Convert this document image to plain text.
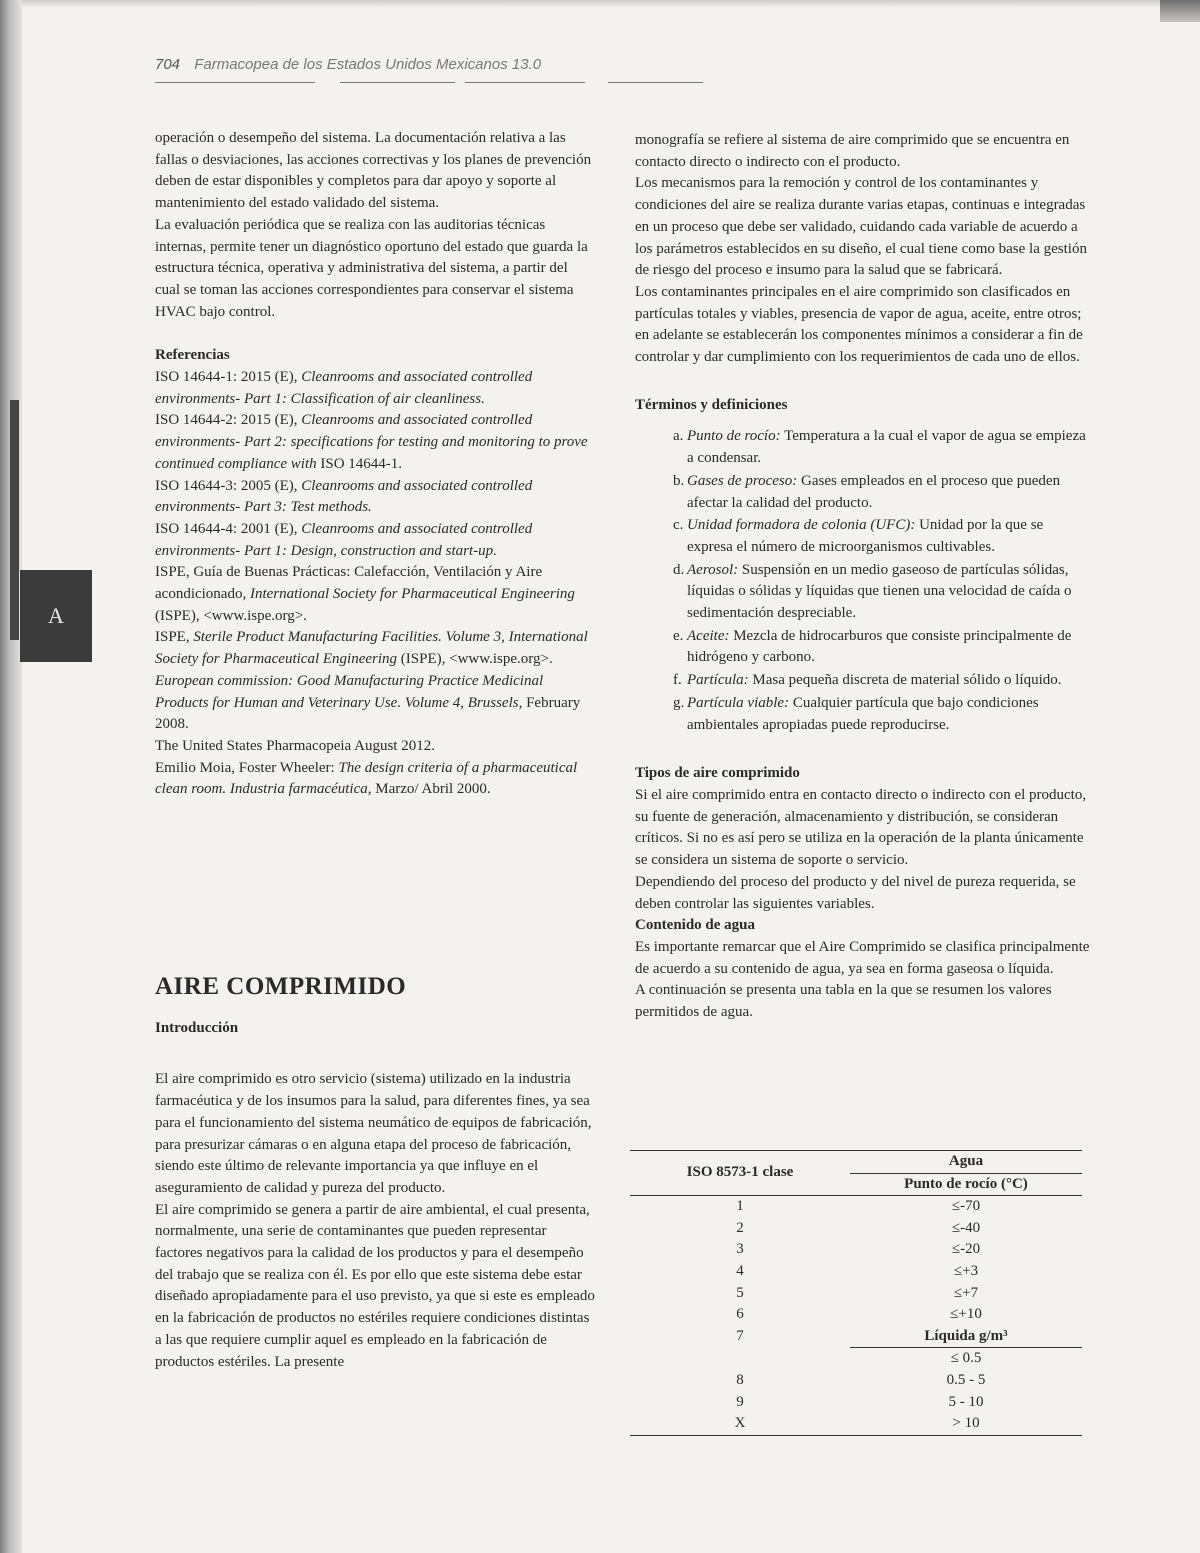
A
704 Farmacopea de los Estados Unidos Mexicanos 13.0

operación o desempeño del sistema. La documentación relativa a las fallas o desviaciones, las acciones correctivas y los planes de prevención deben de estar disponibles y completos para dar apoyo y soporte al mantenimiento del estado validado del sistema.

La evaluación periódica que se realiza con las auditorias técnicas internas, permite tener un diagnóstico oportuno del estado que guarda la estructura técnica, operativa y administrativa del sistema, a partir del cual se toman las acciones correspondientes para conservar el sistema HVAC bajo control.

Referencias

ISO 14644-1: 2015 (E), Cleanrooms and associated controlled environments- Part 1: Classification of air cleanliness.

ISO 14644-2: 2015 (E), Cleanrooms and associated controlled environments- Part 2: specifications for testing and monitoring to prove continued compliance with ISO 14644-1.

ISO 14644-3: 2005 (E), Cleanrooms and associated controlled environments- Part 3: Test methods.

ISO 14644-4: 2001 (E), Cleanrooms and associated controlled environments- Part 1: Design, construction and start-up.

ISPE, Guía de Buenas Prácticas: Calefacción, Ventilación y Aire acondicionado, International Society for Pharmaceutical Engineering (ISPE), <www.ispe.org>.

ISPE, Sterile Product Manufacturing Facilities. Volume 3, International Society for Pharmaceutical Engineering (ISPE), <www.ispe.org>.

European commission: Good Manufacturing Practice Medicinal Products for Human and Veterinary Use. Volume 4, Brussels, February 2008.

The United States Pharmacopeia August 2012.

Emilio Moia, Foster Wheeler: The design criteria of a pharmaceutical clean room. Industria farmacéutica, Marzo/ Abril 2000.

AIRE COMPRIMIDO

Introducción

El aire comprimido es otro servicio (sistema) utilizado en la industria farmacéutica y de los insumos para la salud, para diferentes fines, ya sea para el funcionamiento del sistema neumático de equipos de fabricación, para presurizar cámaras o en alguna etapa del proceso de fabricación, siendo este último de relevante importancia ya que influye en el aseguramiento de calidad y pureza del producto.

El aire comprimido se genera a partir de aire ambiental, el cual presenta, normalmente, una serie de contaminantes que pueden representar factores negativos para la calidad de los productos y para el desempeño del trabajo que se realiza con él. Es por ello que este sistema debe estar diseñado apropiadamente para el uso previsto, ya que si este es empleado en la fabricación de productos no estériles requiere condiciones distintas a las que requiere cumplir aquel es empleado en la fabricación de productos estériles. La presente

monografía se refiere al sistema de aire comprimido que se encuentra en contacto directo o indirecto con el producto.

Los mecanismos para la remoción y control de los contaminantes y condiciones del aire se realiza durante varias etapas, continuas e integradas en un proceso que debe ser validado, cuidando cada variable de acuerdo a los parámetros establecidos en su diseño, el cual tiene como base la gestión de riesgo del proceso e insumo para la salud que se fabricará.

Los contaminantes principales en el aire comprimido son clasificados en partículas totales y viables, presencia de vapor de agua, aceite, entre otros; en adelante se establecerán los componentes mínimos a considerar a fin de controlar y dar cumplimiento con los requerimientos de cada uno de ellos.

Términos y definiciones

a. Punto de rocío: Temperatura a la cual el vapor de agua se empieza a condensar.
b. Gases de proceso: Gases empleados en el proceso que pueden afectar la calidad del producto.
c. Unidad formadora de colonia (UFC): Unidad por la que se expresa el número de microorganismos cultivables.
d. Aerosol: Suspensión en un medio gaseoso de partículas sólidas, líquidas o sólidas y líquidas que tienen una velocidad de caída o sedimentación despreciable.
e. Aceite: Mezcla de hidrocarburos que consiste principalmente de hidrógeno y carbono.
f. Partícula: Masa pequeña discreta de material sólido o líquido.
g. Partícula viable: Cualquier partícula que bajo condiciones ambientales apropiadas puede reproducirse.

Tipos de aire comprimido

Si el aire comprimido entra en contacto directo o indirecto con el producto, su fuente de generación, almacenamiento y distribución, se consideran críticos. Si no es así pero se utiliza en la operación de la planta únicamente se considera un sistema de soporte o servicio.

Dependiendo del proceso del producto y del nivel de pureza requerida, se deben controlar las siguientes variables.

Contenido de agua

Es importante remarcar que el Aire Comprimido se clasifica principalmente de acuerdo a su contenido de agua, ya sea en forma gaseosa o líquida.

A continuación se presenta una tabla en la que se resumen los valores permitidos de agua.

ISO 8573-1 clase	Agua
	Punto de rocío (°C)
1	≤-70
2	≤-40
3	≤-20
4	≤+3
5	≤+7
6	≤+10
7	Líquida g/m³
	≤ 0.5
8	0.5 - 5
9	5 - 10
X	> 10
